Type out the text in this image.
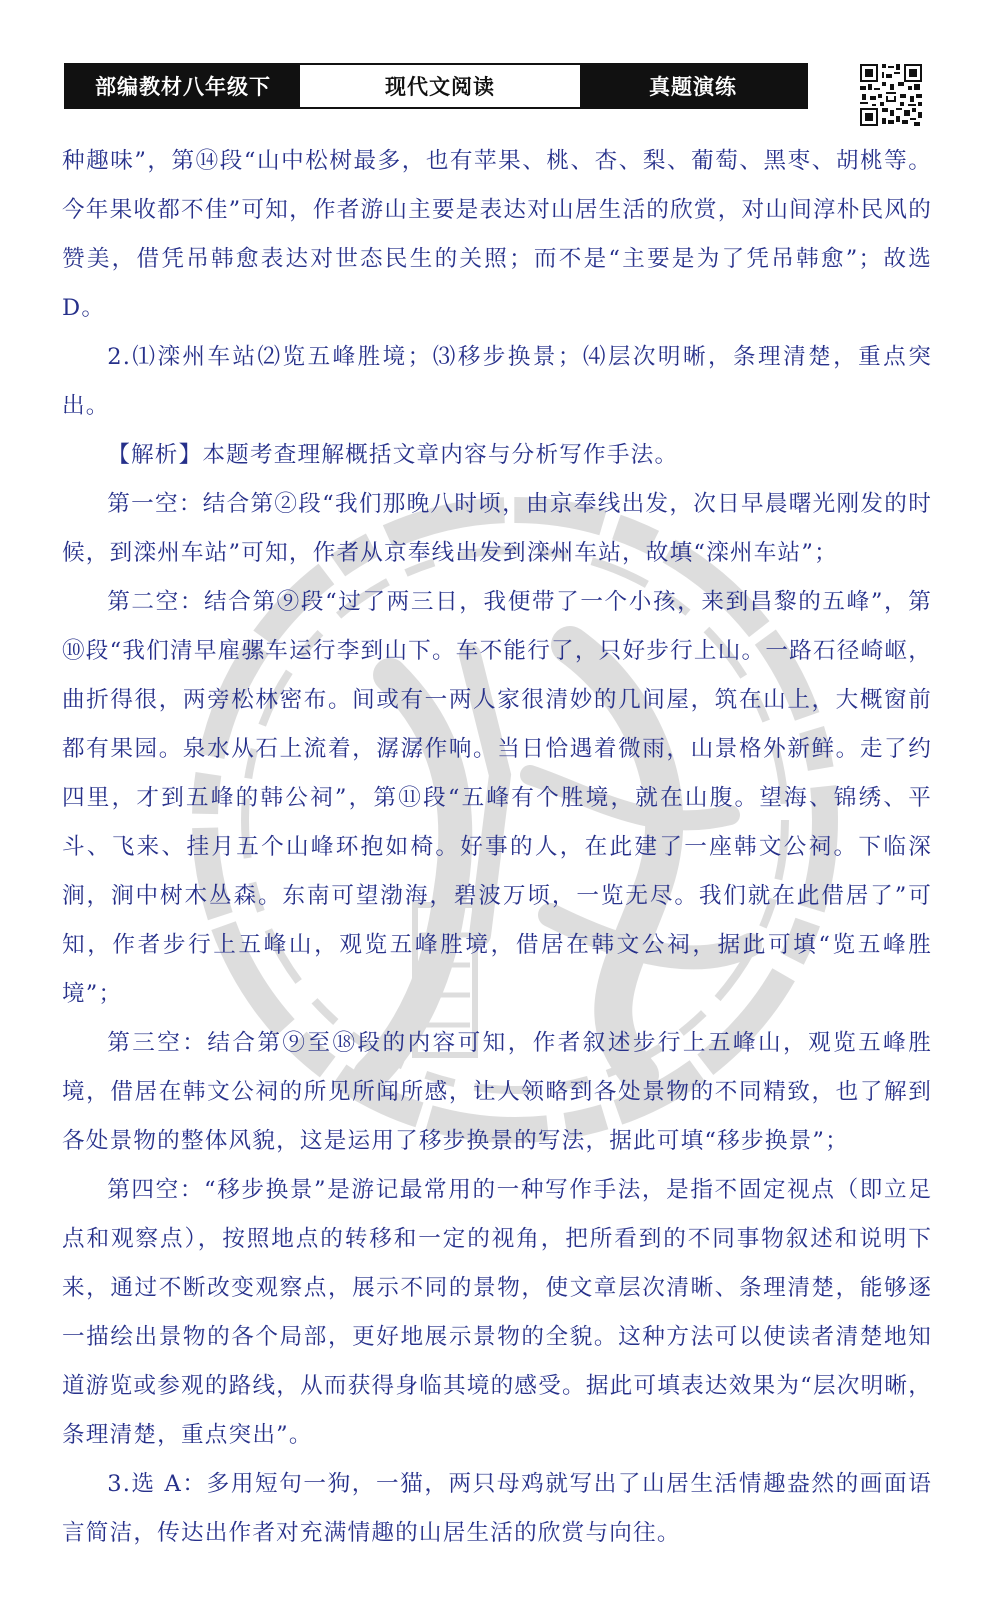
部编教材八年级下	现代文阅读	真题演练

种趣味”，第⑭段“山中松树最多，也有苹果、桃、杏、梨、葡萄、黑枣、胡桃等。今年果收都不佳”可知，作者游山主要是表达对山居生活的欣赏，对山间淳朴民风的赞美，借凭吊韩愈表达对世态民生的关照；而不是“主要是为了凭吊韩愈”；故选 D。

2.⑴滦州车站⑵览五峰胜境；⑶移步换景；⑷层次明晰，条理清楚，重点突出。

【解析】本题考查理解概括文章内容与分析写作手法。

第一空：结合第②段“我们那晚八时顷，由京奉线出发，次日早晨曙光刚发的时候，到滦州车站”可知，作者从京奉线出发到滦州车站，故填“滦州车站”；

第二空：结合第⑨段“过了两三日，我便带了一个小孩，来到昌黎的五峰”，第⑩段“我们清早雇骡车运行李到山下。车不能行了，只好步行上山。一路石径崎岖，曲折得很，两旁松林密布。间或有一两人家很清妙的几间屋，筑在山上，大概窗前都有果园。泉水从石上流着，潺潺作响。当日恰遇着微雨，山景格外新鲜。走了约四里，才到五峰的韩公祠”，第⑪段“五峰有个胜境，就在山腹。望海、锦绣、平斗、飞来、挂月五个山峰环抱如椅。好事的人，在此建了一座韩文公祠。下临深涧，涧中树木丛森。东南可望渤海，碧波万顷，一览无尽。我们就在此借居了”可知，作者步行上五峰山，观览五峰胜境，借居在韩文公祠，据此可填“览五峰胜境”；

第三空：结合第⑨至⑱段的内容可知，作者叙述步行上五峰山，观览五峰胜境，借居在韩文公祠的所见所闻所感，让人领略到各处景物的不同精致，也了解到各处景物的整体风貌，这是运用了移步换景的写法，据此可填“移步换景”；

第四空：“移步换景”是游记最常用的一种写作手法，是指不固定视点（即立足点和观察点），按照地点的转移和一定的视角，把所看到的不同事物叙述和说明下来，通过不断改变观察点，展示不同的景物，使文章层次清晰、条理清楚，能够逐一描绘出景物的各个局部，更好地展示景物的全貌。这种方法可以使读者清楚地知道游览或参观的路线，从而获得身临其境的感受。据此可填表达效果为“层次明晰，条理清楚，重点突出”。

3.选 A：多用短句一狗，一猫，两只母鸡就写出了山居生活情趣盎然的画面语言简洁，传达出作者对充满情趣的山居生活的欣赏与向往。
